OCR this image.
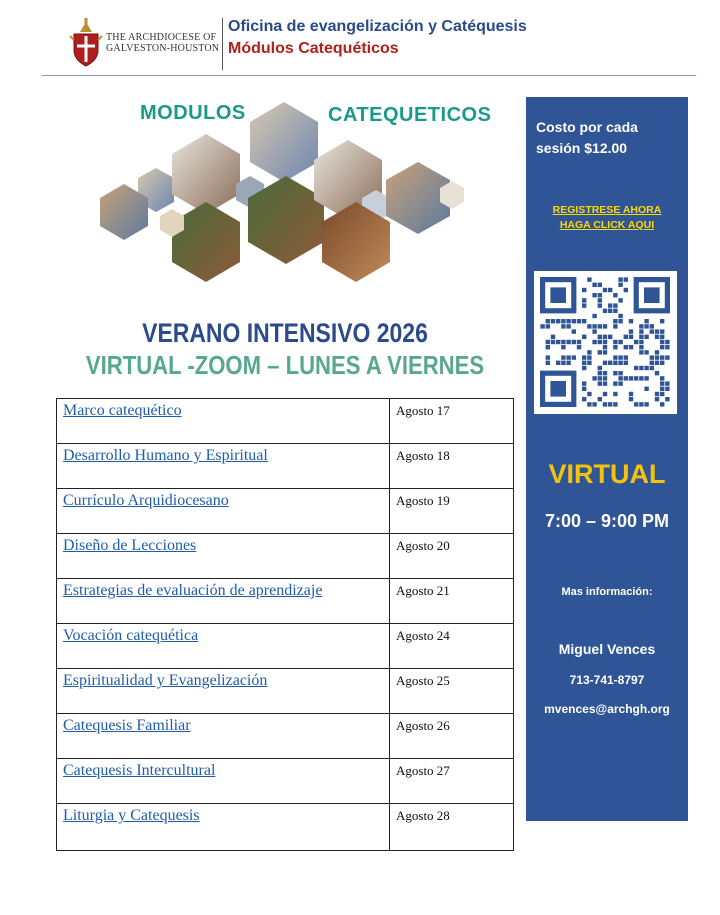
THE ARCHDIOCESE OF
GALVESTON-HOUSTON
Oficina de evangelización y Catéquesis
Módulos Catequéticos
MODULOS	CATEQUETICOS
VERANO INTENSIVO 2026
VIRTUAL -ZOOM – LUNES A VIERNES
Marco catequético	Agosto 17
Desarrollo Humano y Espiritual	Agosto 18
Currículo Arquidiocesano	Agosto 19
Diseño de Lecciones	Agosto 20
Estrategias de evaluación de aprendizaje	Agosto 21
Vocación catequética	Agosto 24
Espiritualidad y Evangelización	Agosto 25
Catequesis Familiar	Agosto 26
Catequesis Intercultural	Agosto 27
Liturgia y Catequesis	Agosto 28
Costo por cada
sesión $12.00
REGISTRESE AHORA
HAGA CLICK AQUI
VIRTUAL
7:00 – 9:00 PM
Mas información:
Miguel Vences
713-741-8797
mvences@archgh.org
